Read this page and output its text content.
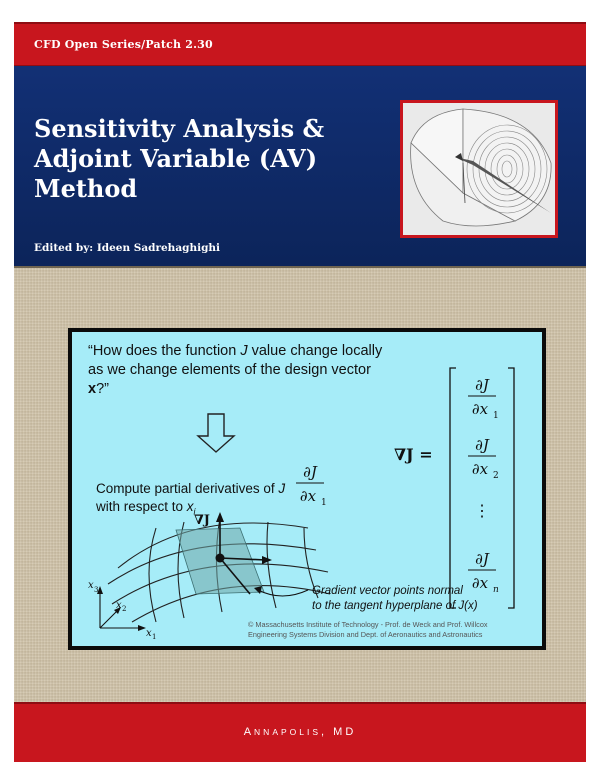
CFD Open Series/Patch 2.30
Sensitivity Analysis &
Adjoint Variable (AV)
Method
Edited by: Ideen Sadrehaghighi
“How does the function J value change locally as we change elements of the design vector x?”
Compute partial derivatives of J with respect to $x_i$
∂J
∂x 1
∇J =
∂J
∂x 1
∂J
∂x 2
⋮
∂J
∂x n
∇J
x 3
x 2
x 1
Gradient vector points normal
to the tangent hyperplane of J(x)
© Massachusetts Institute of Technology - Prof. de Weck and Prof. Willcox
Engineering Systems Division and Dept. of Aeronautics and Astronautics
ANNAPOLIS, MD
